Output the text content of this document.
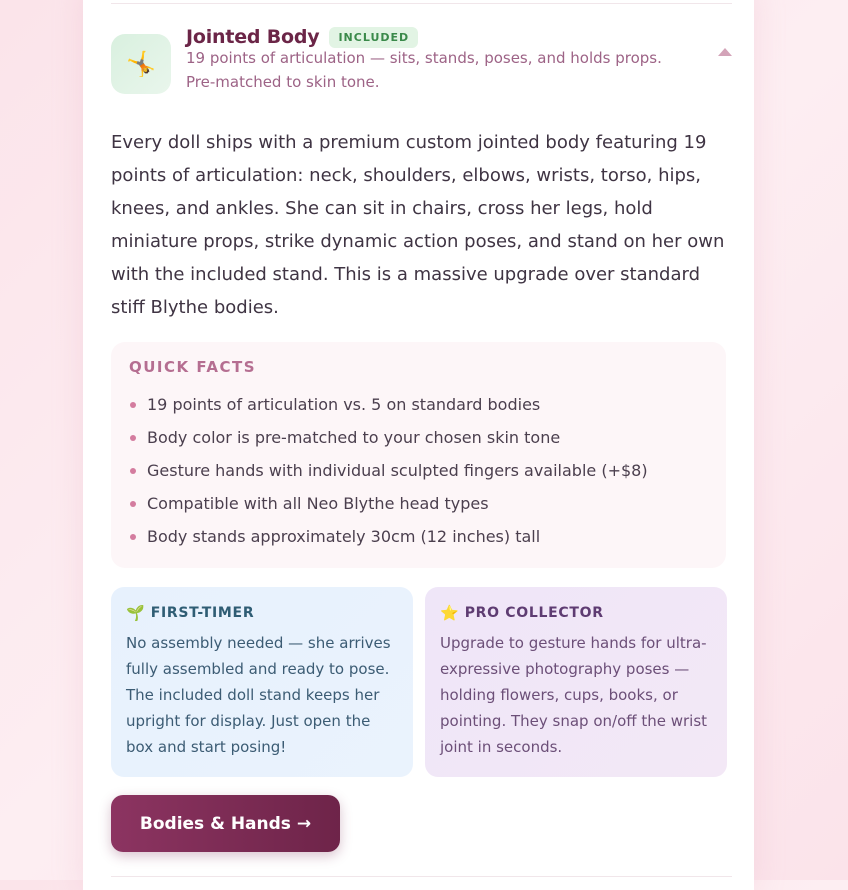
🤸
Jointed Body	INCLUDED
19 points of articulation — sits, stands, poses, and holds props. Pre-matched to skin tone.
Every doll ships with a premium custom jointed body featuring 19 points of articulation: neck, shoulders, elbows, wrists, torso, hips, knees, and ankles. She can sit in chairs, cross her legs, hold miniature props, strike dynamic action poses, and stand on her own with the included stand. This is a massive upgrade over standard stiff Blythe bodies.
QUICK FACTS
19 points of articulation vs. 5 on standard bodies
Body color is pre-matched to your chosen skin tone
Gesture hands with individual sculpted fingers available (+$8)
Compatible with all Neo Blythe head types
Body stands approximately 30cm (12 inches) tall
🌱 FIRST-TIMER
No assembly needed — she arrives fully assembled and ready to pose. The included doll stand keeps her upright for display. Just open the box and start posing!
⭐ PRO COLLECTOR
Upgrade to gesture hands for ultra-expressive photography poses — holding flowers, cups, books, or pointing. They snap on/off the wrist joint in seconds.
Bodies & Hands →
